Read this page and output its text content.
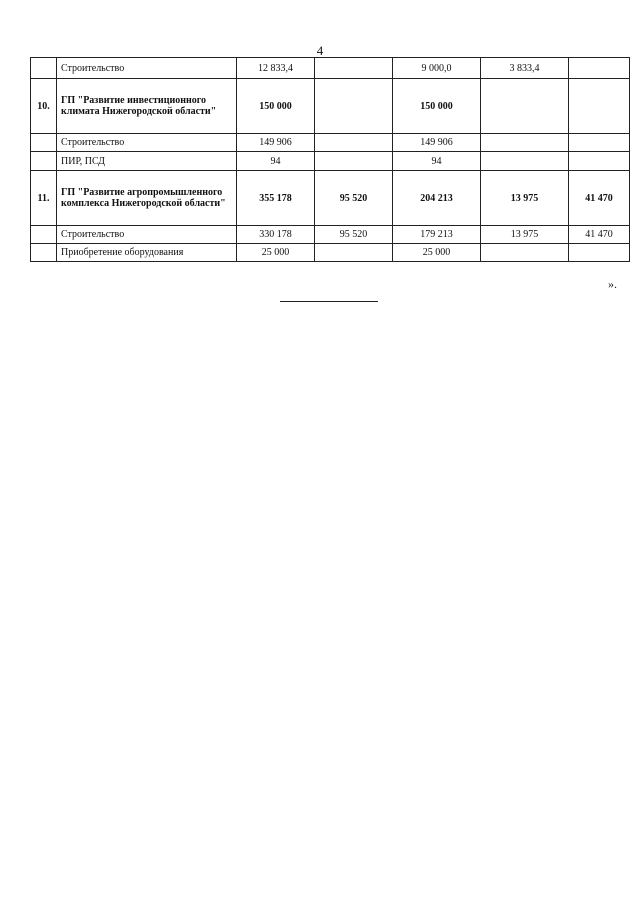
4
	Строительство	12 833,4		9 000,0	3 833,4	
10.	ГП "Развитие инвестиционного климата Нижегородской области"	150 000		150 000		
	Строительство	149 906		149 906		
	ПИР, ПСД	94		94		
11.	ГП "Развитие агропромышленного комплекса Нижегородской области"	355 178	95 520	204 213	13 975	41 470
	Строительство	330 178	95 520	179 213	13 975	41 470
	Приобретение оборудования	25 000		25 000		
».
